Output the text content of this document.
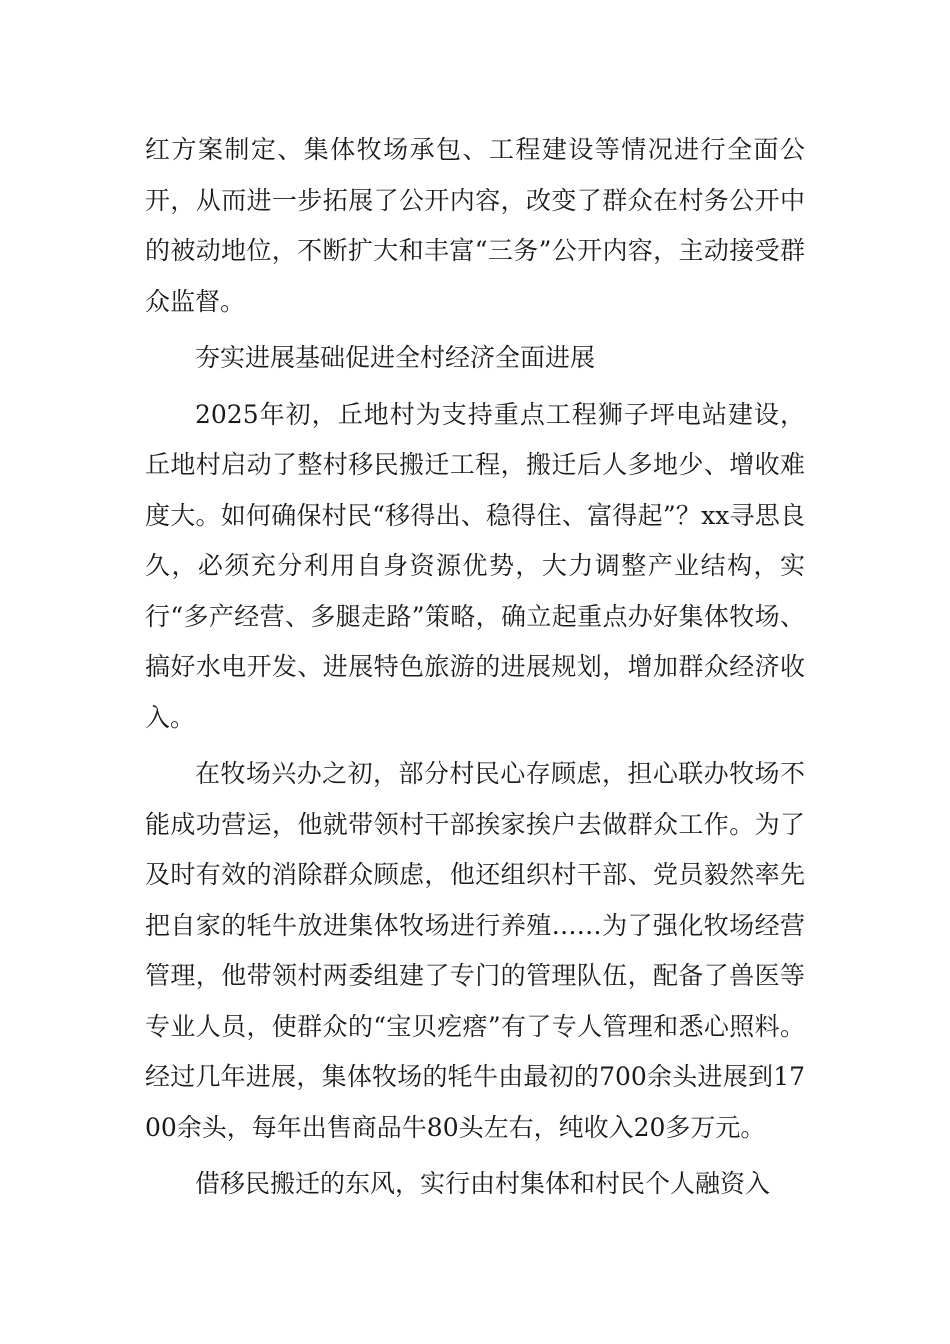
红方案制定、集体牧场承包、工程建设等情况进行全面公开，从而进一步拓展了公开内容，改变了群众在村务公开中的被动地位，不断扩大和丰富“三务”公开内容，主动接受群众监督。

夯实进展基础促进全村经济全面进展

2025年初，丘地村为支持重点工程狮子坪电站建设，丘地村启动了整村移民搬迁工程，搬迁后人多地少、增收难度大。如何确保村民“移得出、稳得住、富得起”？xx寻思良久，必须充分利用自身资源优势，大力调整产业结构，实行“多产经营、多腿走路”策略，确立起重点办好集体牧场、搞好水电开发、进展特色旅游的进展规划，增加群众经济收入。

在牧场兴办之初，部分村民心存顾虑，担心联办牧场不能成功营运，他就带领村干部挨家挨户去做群众工作。为了及时有效的消除群众顾虑，他还组织村干部、党员毅然率先把自家的牦牛放进集体牧场进行养殖……为了强化牧场经营管理，他带领村两委组建了专门的管理队伍，配备了兽医等专业人员，使群众的“宝贝疙瘩”有了专人管理和悉心照料。经过几年进展，集体牧场的牦牛由最初的700余头进展到1700余头，每年出售商品牛80头左右，纯收入20多万元。

借移民搬迁的东风，实行由村集体和村民个人融资入
